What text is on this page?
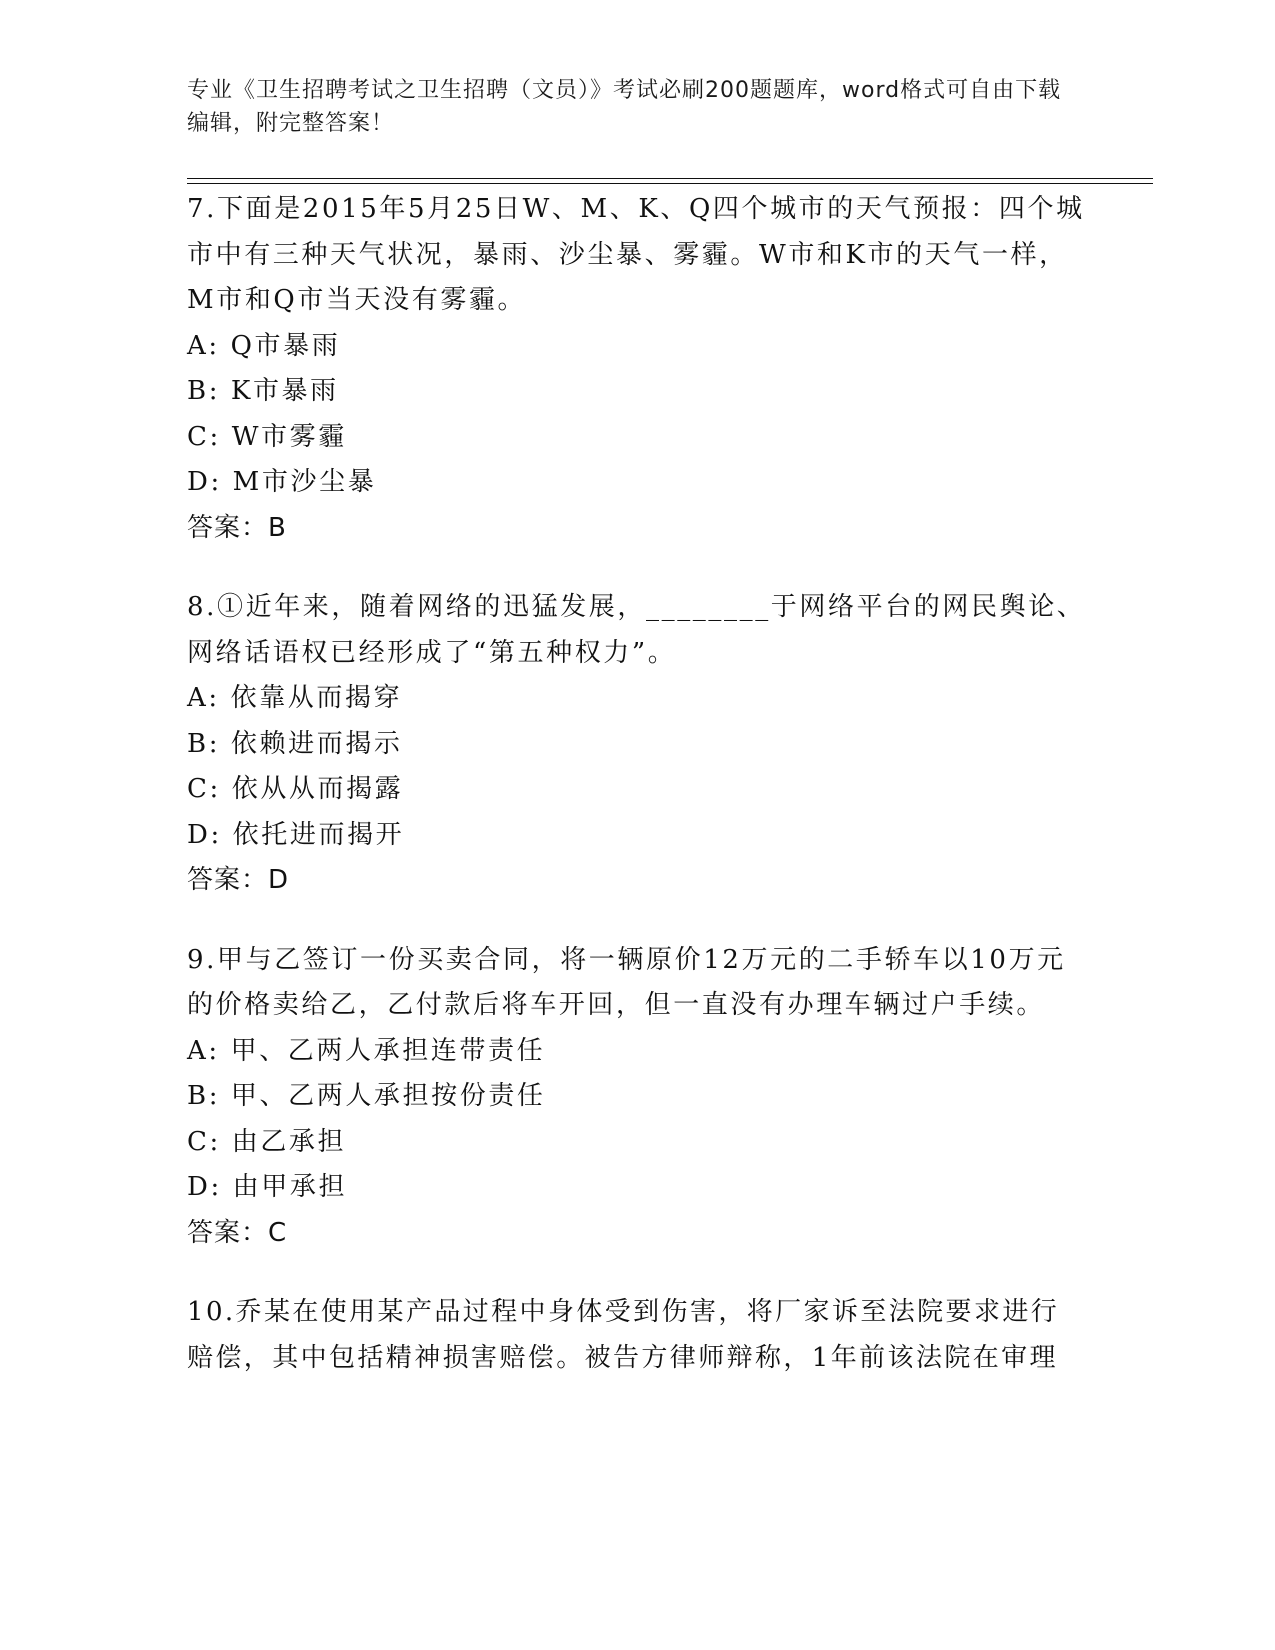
专业《卫生招聘考试之卫生招聘（文员）》考试必刷200题题库，word格式可自由下载编辑，附完整答案！

7.下面是2015年5月25日W、M、K、Q四个城市的天气预报：四个城市中有三种天气状况，暴雨、沙尘暴、雾霾。W市和K市的天气一样，M市和Q市当天没有雾霾。

A: Q市暴雨

B: K市暴雨

C: W市雾霾

D: M市沙尘暴

答案：B

8.①近年来，随着网络的迅猛发展，________于网络平台的网民舆论、网络话语权已经形成了“第五种权力”。

A: 依靠从而揭穿

B: 依赖进而揭示

C: 依从从而揭露

D: 依托进而揭开

答案：D

9.甲与乙签订一份买卖合同，将一辆原价12万元的二手轿车以10万元的价格卖给乙，乙付款后将车开回，但一直没有办理车辆过户手续。

A: 甲、乙两人承担连带责任

B: 甲、乙两人承担按份责任

C: 由乙承担

D: 由甲承担

答案：C

10.乔某在使用某产品过程中身体受到伤害，将厂家诉至法院要求进行赔偿，其中包括精神损害赔偿。被告方律师辩称，1年前该法院在审理
